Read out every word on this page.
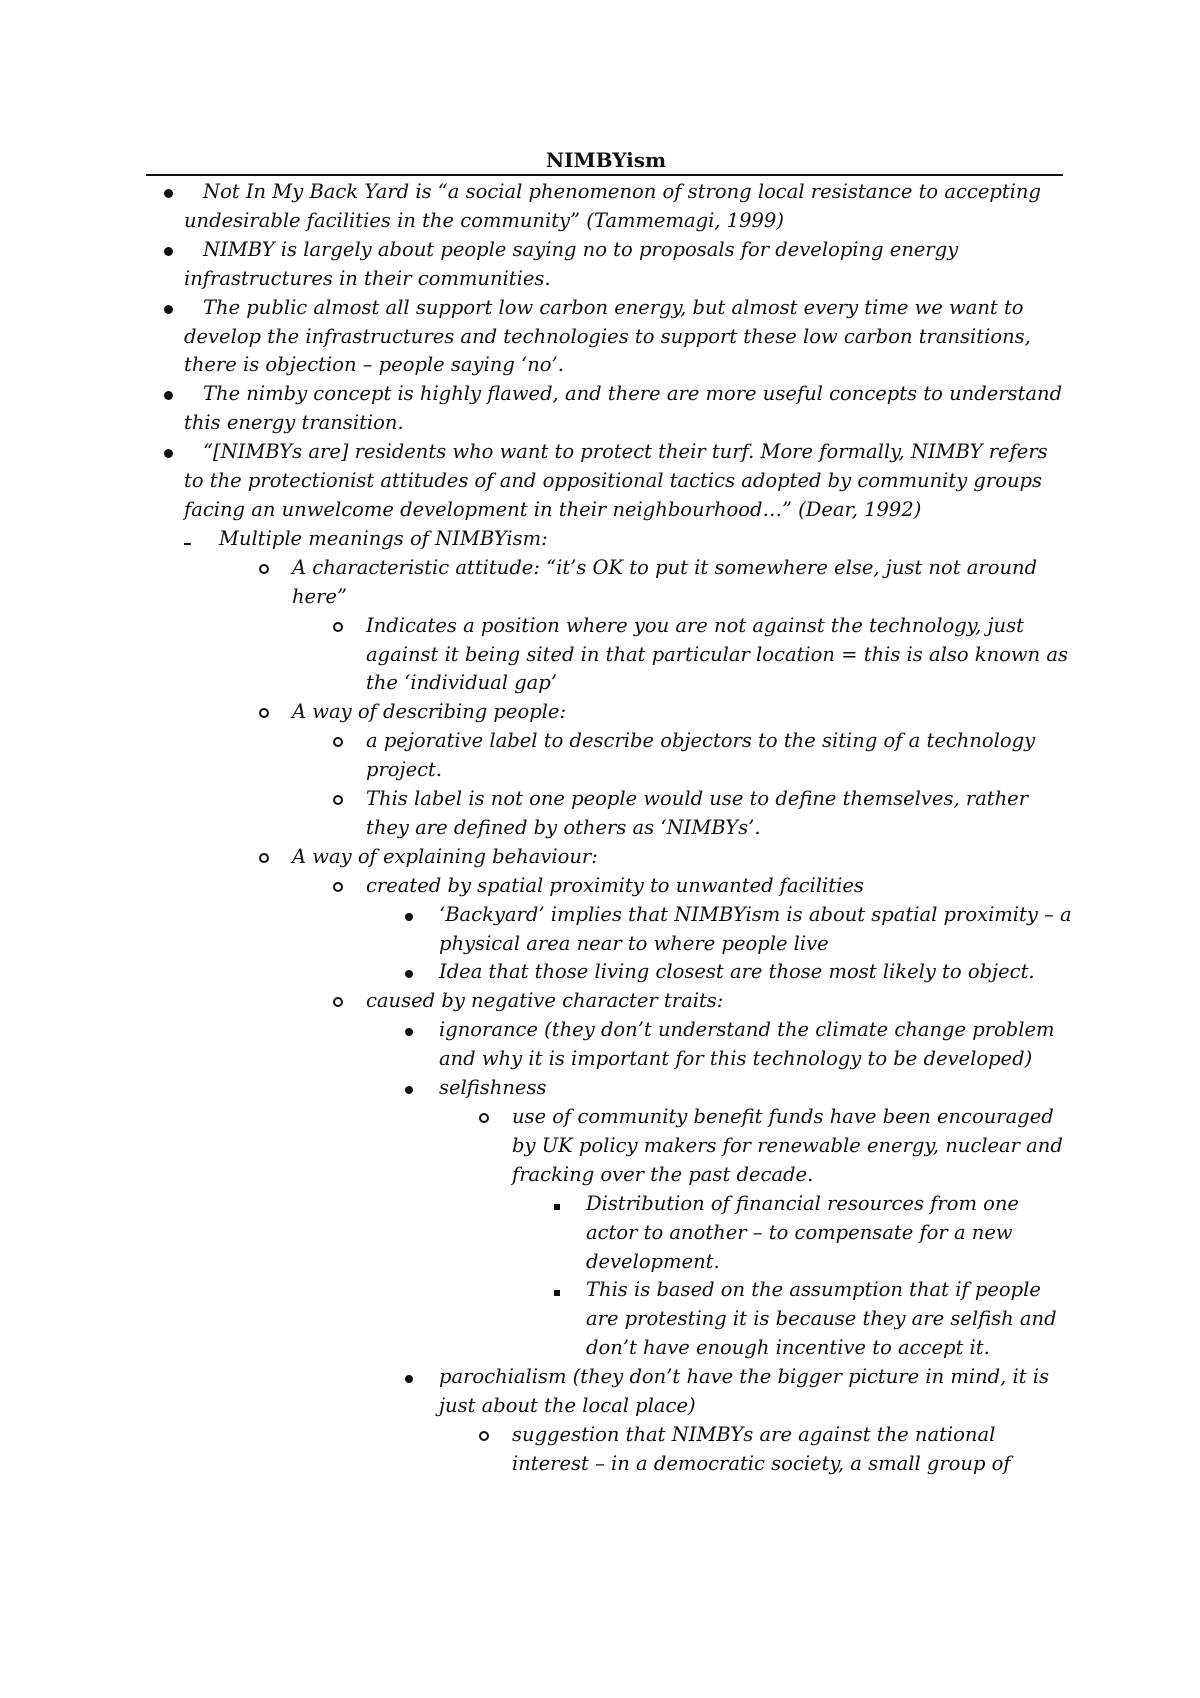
NIMBYism
Not In My Back Yard is “a social phenomenon of strong local resistance to accepting undesirable facilities in the community” (Tammemagi, 1999)
NIMBY is largely about people saying no to proposals for developing energy infrastructures in their communities.
The public almost all support low carbon energy, but almost every time we want to develop the infrastructures and technologies to support these low carbon transitions, there is objection – people saying ‘no’.
The nimby concept is highly flawed, and there are more useful concepts to understand this energy transition.
“[NIMBYs are] residents who want to protect their turf. More formally, NIMBY refers to the protectionist attitudes of and oppositional tactics adopted by community groups facing an unwelcome development in their neighbourhood…” (Dear, 1992)
Multiple meanings of NIMBYism:
A characteristic attitude: “it’s OK to put it somewhere else, just not around here”
Indicates a position where you are not against the technology, just against it being sited in that particular location = this is also known as the ‘individual gap’
A way of describing people:
a pejorative label to describe objectors to the siting of a technology project.
This label is not one people would use to define themselves, rather they are defined by others as ‘NIMBYs’.
A way of explaining behaviour:
created by spatial proximity to unwanted facilities
‘Backyard’ implies that NIMBYism is about spatial proximity – a physical area near to where people live
Idea that those living closest are those most likely to object.
caused by negative character traits:
ignorance (they don’t understand the climate change problem and why it is important for this technology to be developed)
selfishness
use of community benefit funds have been encouraged by UK policy makers for renewable energy, nuclear and fracking over the past decade.
Distribution of financial resources from one actor to another – to compensate for a new development.
This is based on the assumption that if people are protesting it is because they are selfish and don’t have enough incentive to accept it.
parochialism (they don’t have the bigger picture in mind, it is just about the local place)
suggestion that NIMBYs are against the national interest – in a democratic society, a small group of
